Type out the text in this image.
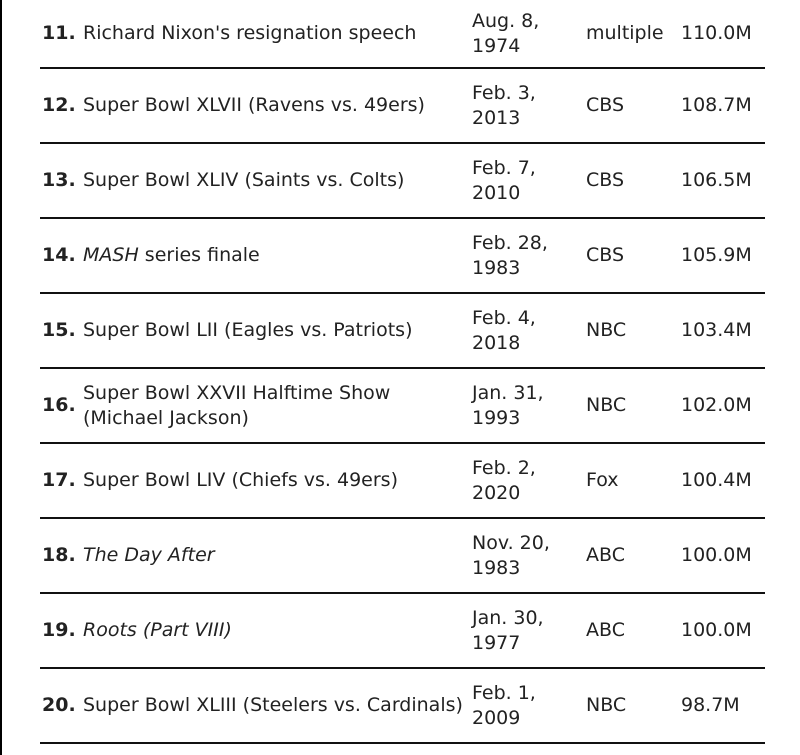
11. Richard Nixon's resignation speech
Aug. 8, 1974
multiple 110.0M
12. Super Bowl XLVII (Ravens vs. 49ers)
Feb. 3, 2013
CBS	108.7M
13. Super Bowl XLIV (Saints vs. Colts)
Feb. 7, 2010
CBS	106.5M
14. MASH series finale
Feb. 28, 1983
CBS	105.9M
15. Super Bowl LII (Eagles vs. Patriots)
Feb. 4, 2018
NBC	103.4M
16.
Super Bowl XXVII Halftime Show (Michael Jackson)
Jan. 31, 1993
NBC	102.0M
17. Super Bowl LIV (Chiefs vs. 49ers)
Feb. 2, 2020
Fox	100.4M
18. The Day After
Nov. 20, 1983
ABC	100.0M
19. Roots (Part VIII)
Jan. 30, 1977
ABC	100.0M
20. Super Bowl XLIII (Steelers vs. Cardinals)
Feb. 1, 2009
NBC	98.7M
